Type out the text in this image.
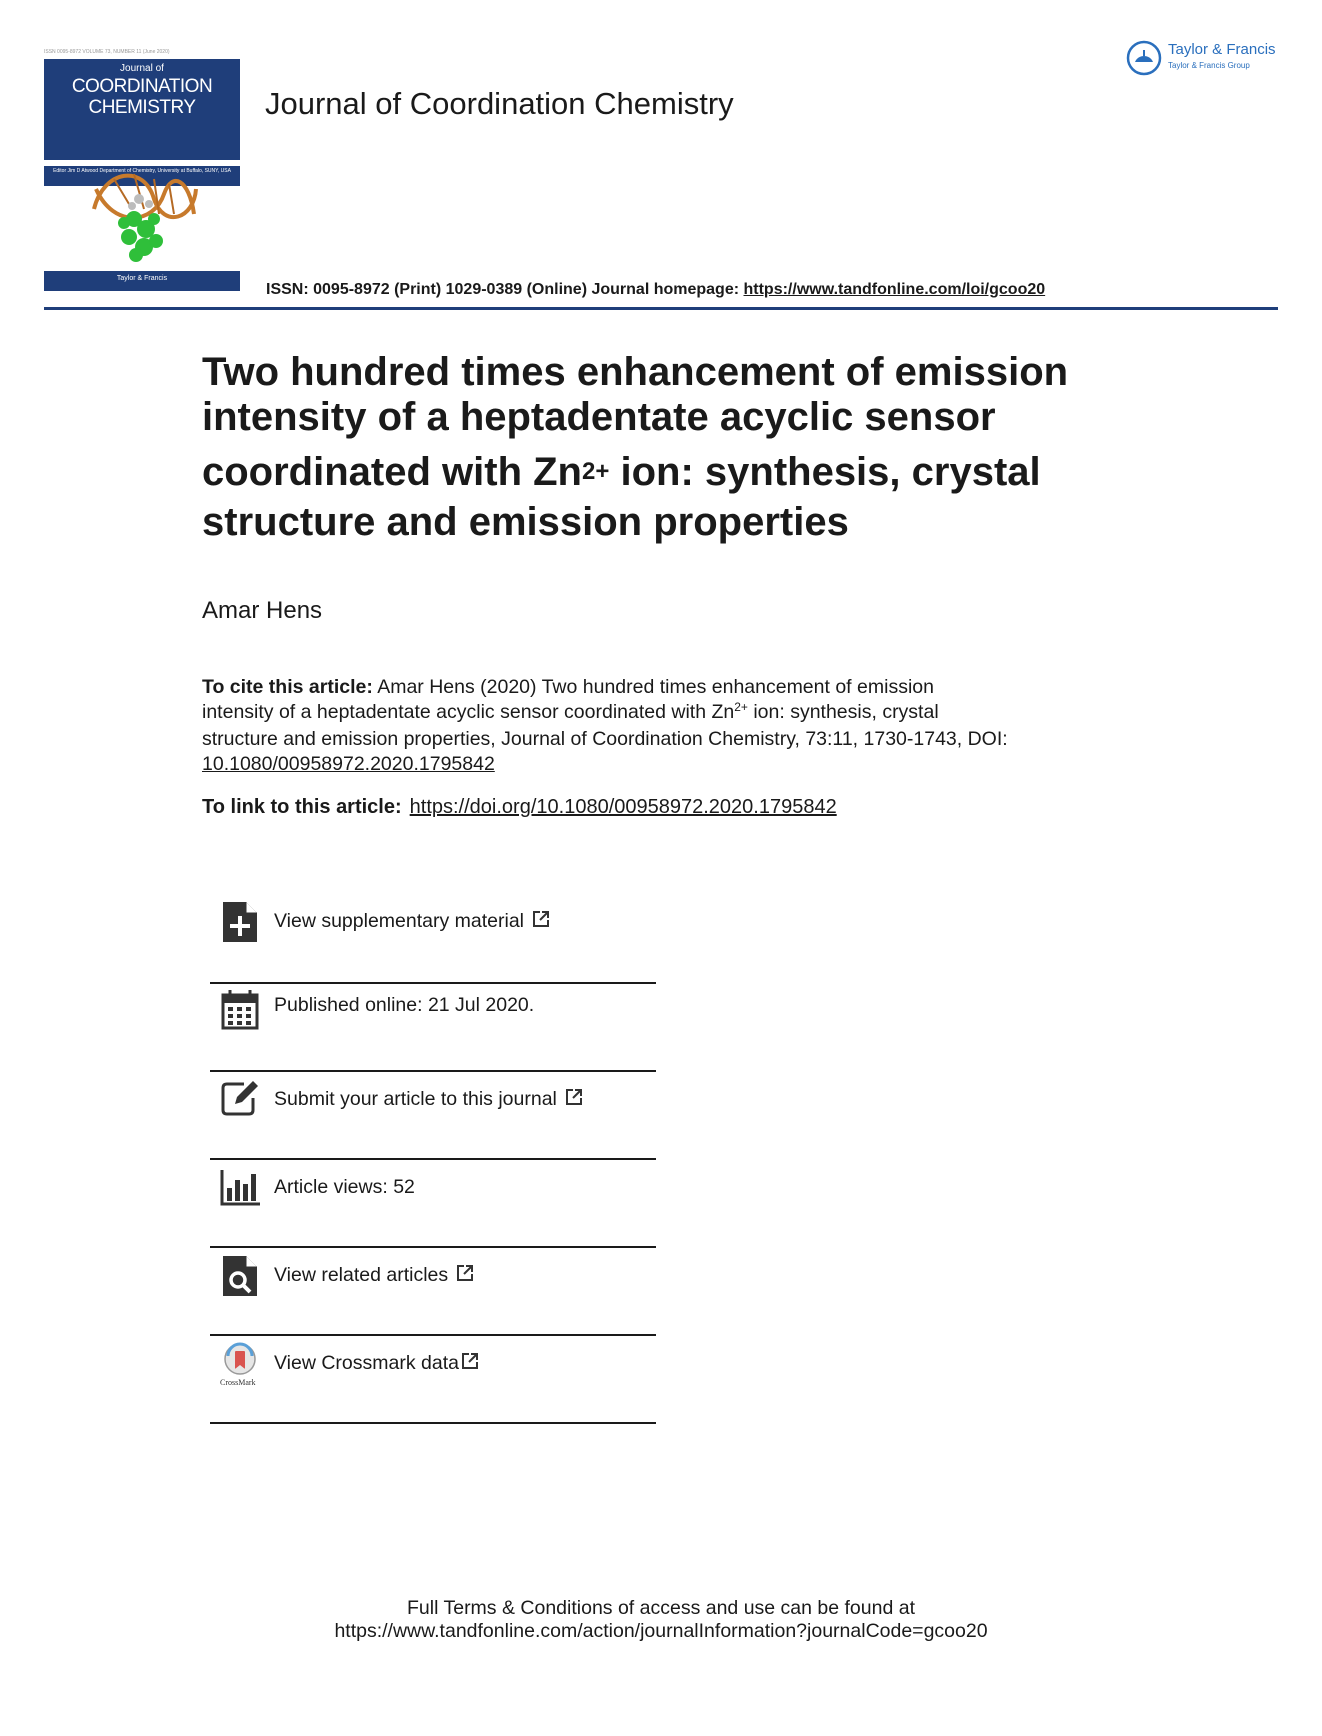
ISSN 0095-8972 VOLUME 73, NUMBER 11 (June 2020)
Journal of
COORDINATION
CHEMISTRY
Editor Jim D Atwood Department of Chemistry, University at Buffalo, SUNY, USA
Taylor & Francis
Journal of Coordination Chemistry
Taylor & Francis
Taylor & Francis Group
ISSN: 0095-8972 (Print) 1029-0389 (Online) Journal homepage: https://www.tandfonline.com/loi/gcoo20
Two hundred times enhancement of emission
intensity of a heptadentate acyclic sensor

coordinated with $Zn^{2+}$ ion: synthesis, crystal
structure and emission properties
Amar Hens
To cite this article: Amar Hens (2020) Two hundred times enhancement of emission
intensity of a heptadentate acyclic sensor coordinated with $Zn^{2+}$ ion: synthesis, crystal
structure and emission properties, Journal of Coordination Chemistry, 73:11, 1730-1743, DOI:
10.1080/00958972.2020.1795842
To link to this article: https://doi.org/10.1080/00958972.2020.1795842
View supplementary material
Published online: 21 Jul 2020.
Submit your article to this journal
Article views: 52
View related articles
CrossMark
View Crossmark data
Full Terms & Conditions of access and use can be found at
https://www.tandfonline.com/action/journalInformation?journalCode=gcoo20
